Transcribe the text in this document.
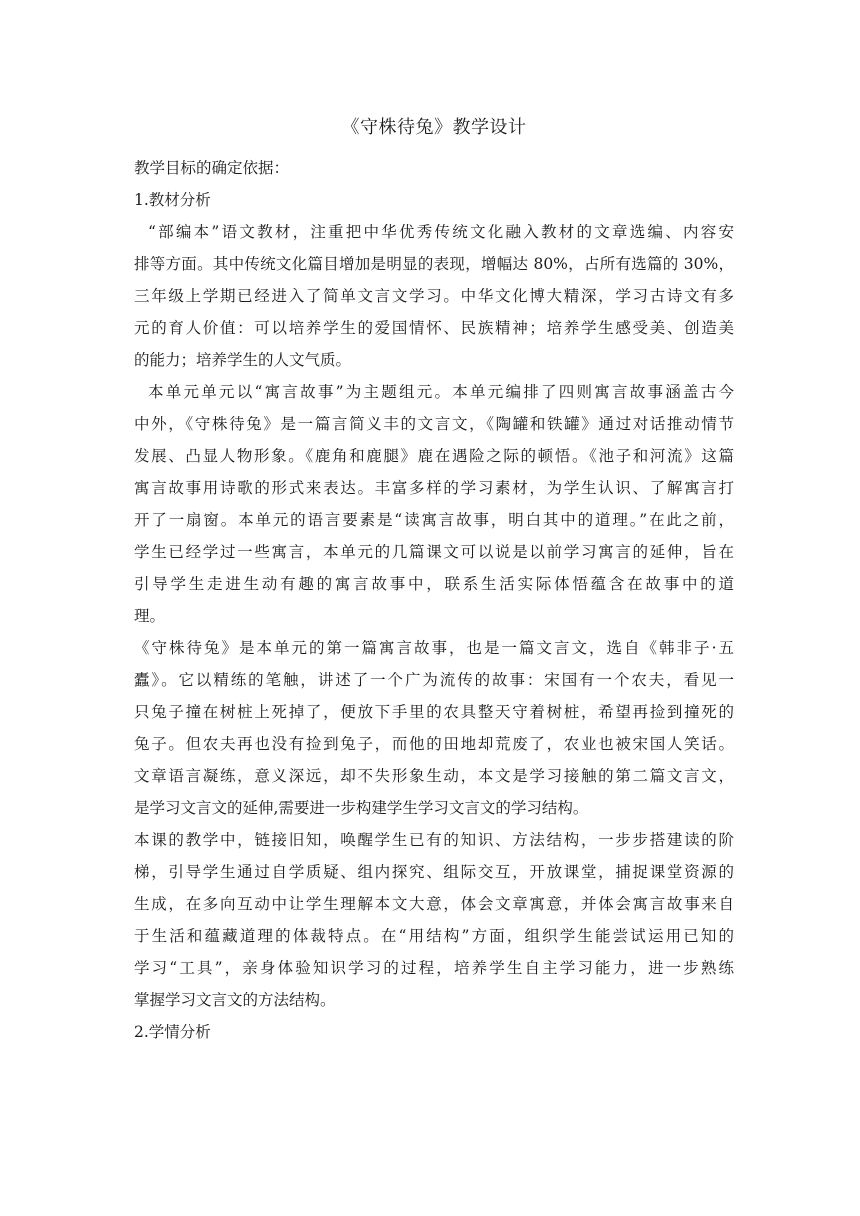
《守株待兔》教学设计

教学目标的确定依据：

1.教材分析

“部编本”语文教材，注重把中华优秀传统文化融入教材的文章选编、内容安

排等方面。其中传统文化篇目增加是明显的表现，增幅达 80%，占所有选篇的 30%，

三年级上学期已经进入了简单文言文学习。中华文化博大精深，学习古诗文有多

元的育人价值：可以培养学生的爱国情怀、民族精神；培养学生感受美、创造美

的能力；培养学生的人文气质。

本单元单元以“寓言故事”为主题组元。本单元编排了四则寓言故事涵盖古今

中外，《守株待兔》是一篇言简义丰的文言文，《陶罐和铁罐》通过对话推动情节

发展、凸显人物形象。《鹿角和鹿腿》鹿在遇险之际的顿悟。《池子和河流》这篇

寓言故事用诗歌的形式来表达。丰富多样的学习素材，为学生认识、了解寓言打

开了一扇窗。本单元的语言要素是“读寓言故事，明白其中的道理。”在此之前，

学生已经学过一些寓言，本单元的几篇课文可以说是以前学习寓言的延伸，旨在

引导学生走进生动有趣的寓言故事中，联系生活实际体悟蕴含在故事中的道

理。

《守株待兔》是本单元的第一篇寓言故事，也是一篇文言文，选自《韩非子·五

蠹》。它以精练的笔触，讲述了一个广为流传的故事：宋国有一个农夫，看见一

只兔子撞在树桩上死掉了，便放下手里的农具整天守着树桩，希望再捡到撞死的

兔子。但农夫再也没有捡到兔子，而他的田地却荒废了，农业也被宋国人笑话。

文章语言凝练，意义深远，却不失形象生动，本文是学习接触的第二篇文言文，

是学习文言文的延伸,需要进一步构建学生学习文言文的学习结构。

本课的教学中，链接旧知，唤醒学生已有的知识、方法结构，一步步搭建读的阶

梯，引导学生通过自学质疑、组内探究、组际交互，开放课堂，捕捉课堂资源的

生成，在多向互动中让学生理解本文大意，体会文章寓意，并体会寓言故事来自

于生活和蕴藏道理的体裁特点。在“用结构”方面，组织学生能尝试运用已知的

学习“工具”，亲身体验知识学习的过程，培养学生自主学习能力，进一步熟练

掌握学习文言文的方法结构。

2.学情分析
